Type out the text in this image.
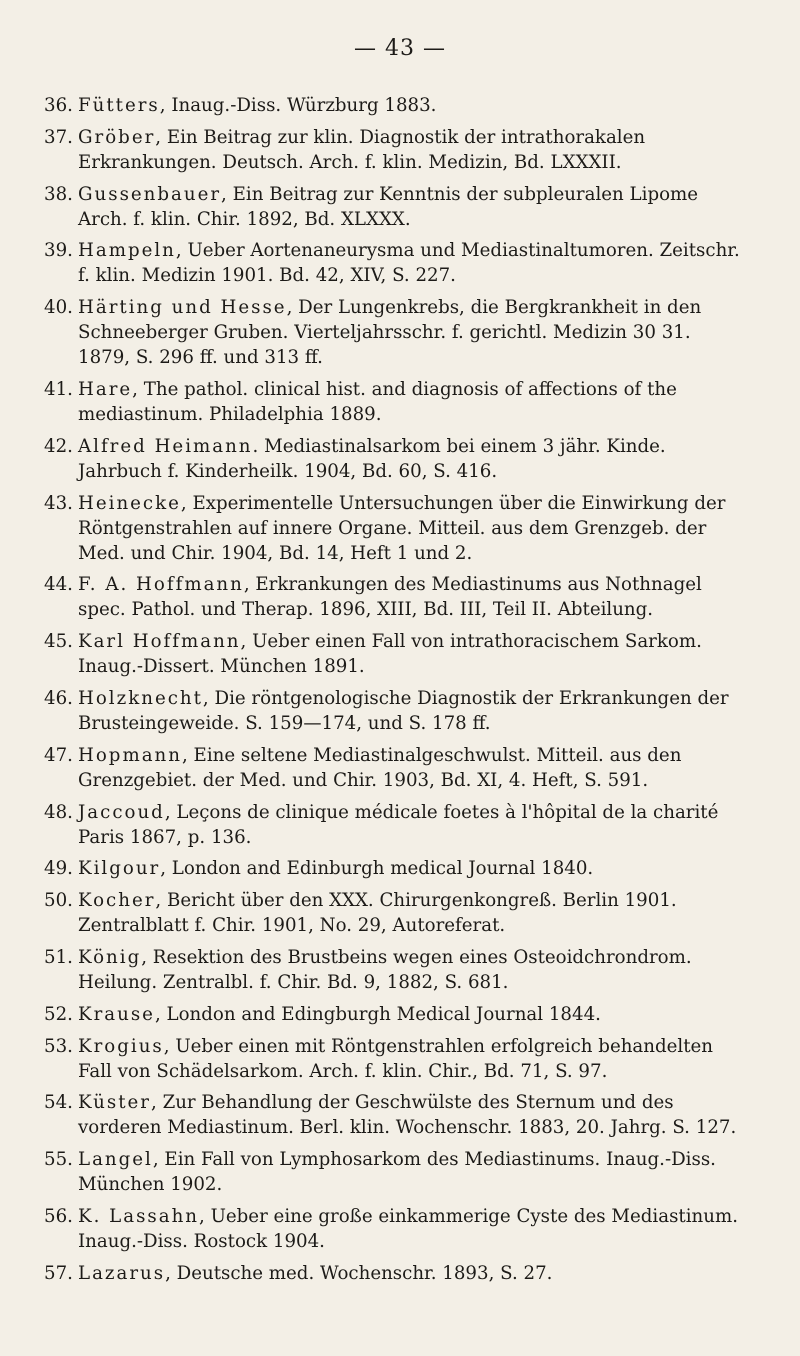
— 43 —
36. Fütters, Inaug.-Diss. Würzburg 1883.
37. Gröber, Ein Beitrag zur klin. Diagnostik der intrathorakalen Erkrankungen. Deutsch. Arch. f. klin. Medizin, Bd. LXXXII.
38. Gussenbauer, Ein Beitrag zur Kenntnis der subpleuralen Lipome Arch. f. klin. Chir. 1892, Bd. XLXXX.
39. Hampeln, Ueber Aortenaneurysma und Mediastinaltumoren. Zeitschr. f. klin. Medizin 1901. Bd. 42, XIV, S. 227.
40. Härting und Hesse, Der Lungenkrebs, die Bergkrankheit in den Schneeberger Gruben. Vierteljahrsschr. f. gerichtl. Medizin 30 31. 1879, S. 296 ff. und 313 ff.
41. Hare, The pathol. clinical hist. and diagnosis of affections of the mediastinum. Philadelphia 1889.
42. Alfred Heimann. Mediastinalsarkom bei einem 3 jähr. Kinde. Jahrbuch f. Kinderheilk. 1904, Bd. 60, S. 416.
43. Heinecke, Experimentelle Untersuchungen über die Einwirkung der Röntgenstrahlen auf innere Organe. Mitteil. aus dem Grenzgeb. der Med. und Chir. 1904, Bd. 14, Heft 1 und 2.
44. F. A. Hoffmann, Erkrankungen des Mediastinums aus Nothnagel spec. Pathol. und Therap. 1896, XIII, Bd. III, Teil II. Abteilung.
45. Karl Hoffmann, Ueber einen Fall von intrathoracischem Sarkom. Inaug.-Dissert. München 1891.
46. Holzknecht, Die röntgenologische Diagnostik der Erkrankungen der Brusteingeweide. S. 159—174, und S. 178 ff.
47. Hopmann, Eine seltene Mediastinalgeschwulst. Mitteil. aus den Grenzgebiet. der Med. und Chir. 1903, Bd. XI, 4. Heft, S. 591.
48. Jaccoud, Leçons de clinique médicale foetes à l'hôpital de la charité Paris 1867, p. 136.
49. Kilgour, London and Edinburgh medical Journal 1840.
50. Kocher, Bericht über den XXX. Chirurgenkongreß. Berlin 1901. Zentralblatt f. Chir. 1901, No. 29, Autoreferat.
51. König, Resektion des Brustbeins wegen eines Osteoidchrondrom. Heilung. Zentralbl. f. Chir. Bd. 9, 1882, S. 681.
52. Krause, London and Edingburgh Medical Journal 1844.
53. Krogius, Ueber einen mit Röntgenstrahlen erfolgreich behandelten Fall von Schädelsarkom. Arch. f. klin. Chir., Bd. 71, S. 97.
54. Küster, Zur Behandlung der Geschwülste des Sternum und des vorderen Mediastinum. Berl. klin. Wochenschr. 1883, 20. Jahrg. S. 127.
55. Langel, Ein Fall von Lymphosarkom des Mediastinums. Inaug.-Diss. München 1902.
56. K. Lassahn, Ueber eine große einkammerige Cyste des Mediastinum. Inaug.-Diss. Rostock 1904.
57. Lazarus, Deutsche med. Wochenschr. 1893, S. 27.
